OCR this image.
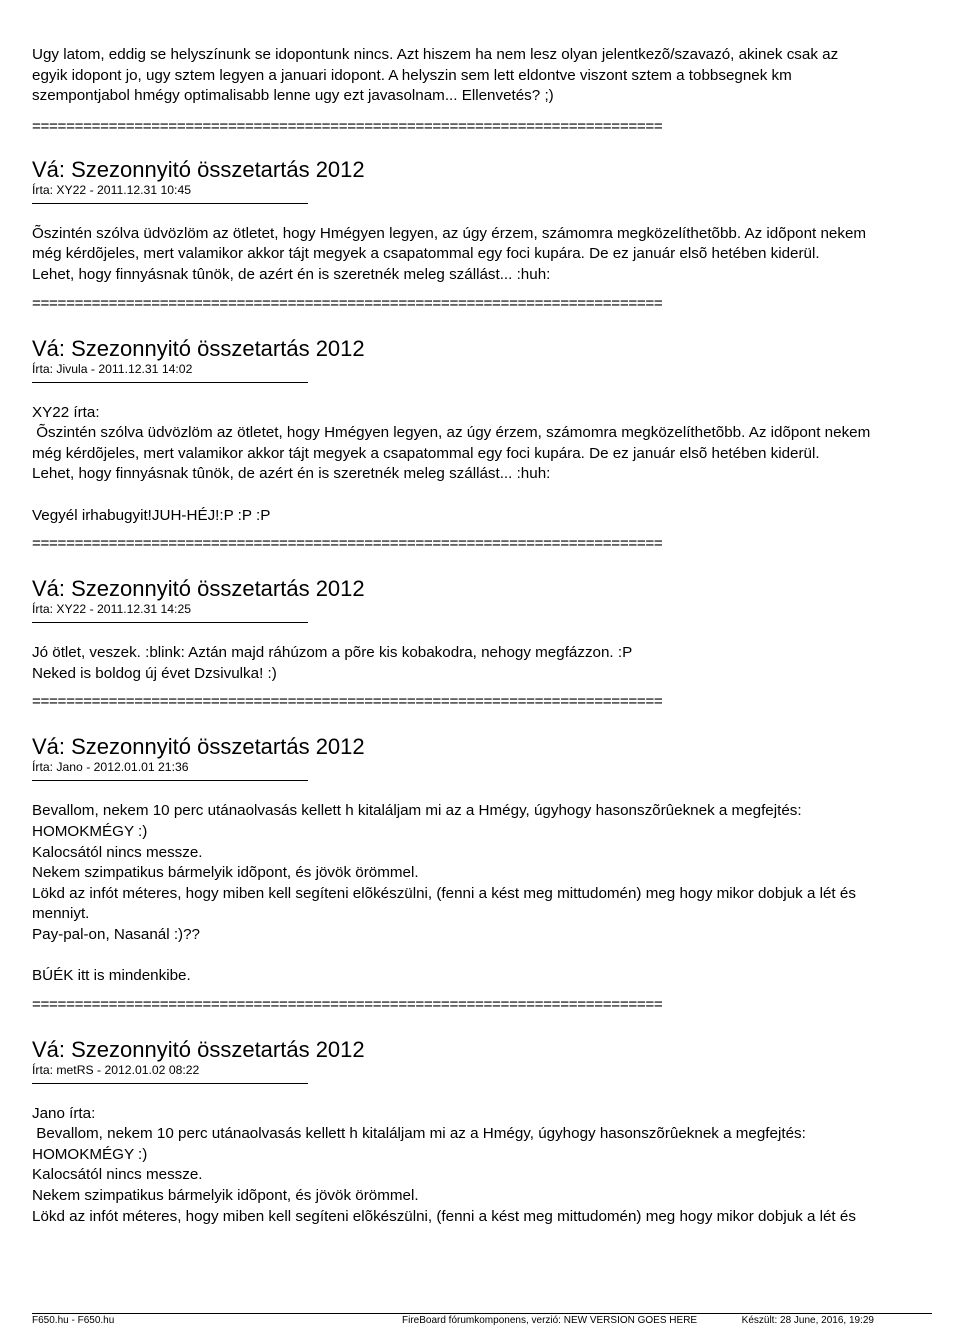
Ugy latom, eddig se helyszínunk se idopontunk nincs. Azt hiszem ha nem lesz olyan jelentkezõ/szavazó, akinek csak az

egyik idopont jo, ugy sztem legyen a januari idopont. A helyszin sem lett eldontve viszont sztem a tobbsegnek km

szempontjabol hmégy optimalisabb lenne ugy ezt javasolnam... Ellenvetés? ;)

==========================================================================

Vá: Szezonnyitó összetartás 2012

Írta: XY22 - 2011.12.31 10:45

Õszintén szólva üdvözlöm az ötletet, hogy Hmégyen legyen, az úgy érzem, számomra megközelíthetõbb. Az idõpont nekem

még kérdõjeles, mert valamikor akkor tájt megyek a csapatommal egy foci kupára. De ez január elsõ hetében kiderül.

Lehet, hogy finnyásnak tûnök, de azért én is szeretnék meleg szállást... :huh:

==========================================================================

Vá: Szezonnyitó összetartás 2012

Írta: Jivula - 2011.12.31 14:02

XY22 írta:

Õszintén szólva üdvözlöm az ötletet, hogy Hmégyen legyen, az úgy érzem, számomra megközelíthetõbb. Az idõpont nekem

még kérdõjeles, mert valamikor akkor tájt megyek a csapatommal egy foci kupára. De ez január elsõ hetében kiderül.

Lehet, hogy finnyásnak tûnök, de azért én is szeretnék meleg szállást... :huh:

Vegyél irhabugyit!JUH-HÉJ!:P :P :P

==========================================================================

Vá: Szezonnyitó összetartás 2012

Írta: XY22 - 2011.12.31 14:25

Jó ötlet, veszek. :blink: Aztán majd ráhúzom a põre kis kobakodra, nehogy megfázzon. :P

Neked is boldog új évet Dzsivulka! :)

==========================================================================

Vá: Szezonnyitó összetartás 2012

Írta: Jano - 2012.01.01 21:36

Bevallom, nekem 10 perc utánaolvasás kellett h kitaláljam mi az a Hmégy, úgyhogy hasonszõrûeknek a megfejtés:

HOMOKMÉGY :)

Kalocsától nincs messze.

Nekem szimpatikus bármelyik idõpont, és jövök örömmel.

Lökd az infót méteres, hogy miben kell segíteni elõkészülni, (fenni a kést meg mittudomén) meg hogy mikor dobjuk a lét és

menniyt.

Pay-pal-on, Nasanál :)??

BÚÉK itt is mindenkibe.

==========================================================================

Vá: Szezonnyitó összetartás 2012

Írta: metRS - 2012.01.02 08:22

Jano írta:

Bevallom, nekem 10 perc utánaolvasás kellett h kitaláljam mi az a Hmégy, úgyhogy hasonszõrûeknek a megfejtés:

HOMOKMÉGY :)

Kalocsától nincs messze.

Nekem szimpatikus bármelyik idõpont, és jövök örömmel.

Lökd az infót méteres, hogy miben kell segíteni elõkészülni, (fenni a kést meg mittudomén) meg hogy mikor dobjuk a lét és

F650.hu - F650.hu	FireBoard fórumkomponens, verzió: NEW VERSION GOES HERE	Készült: 28 June, 2016, 19:29
